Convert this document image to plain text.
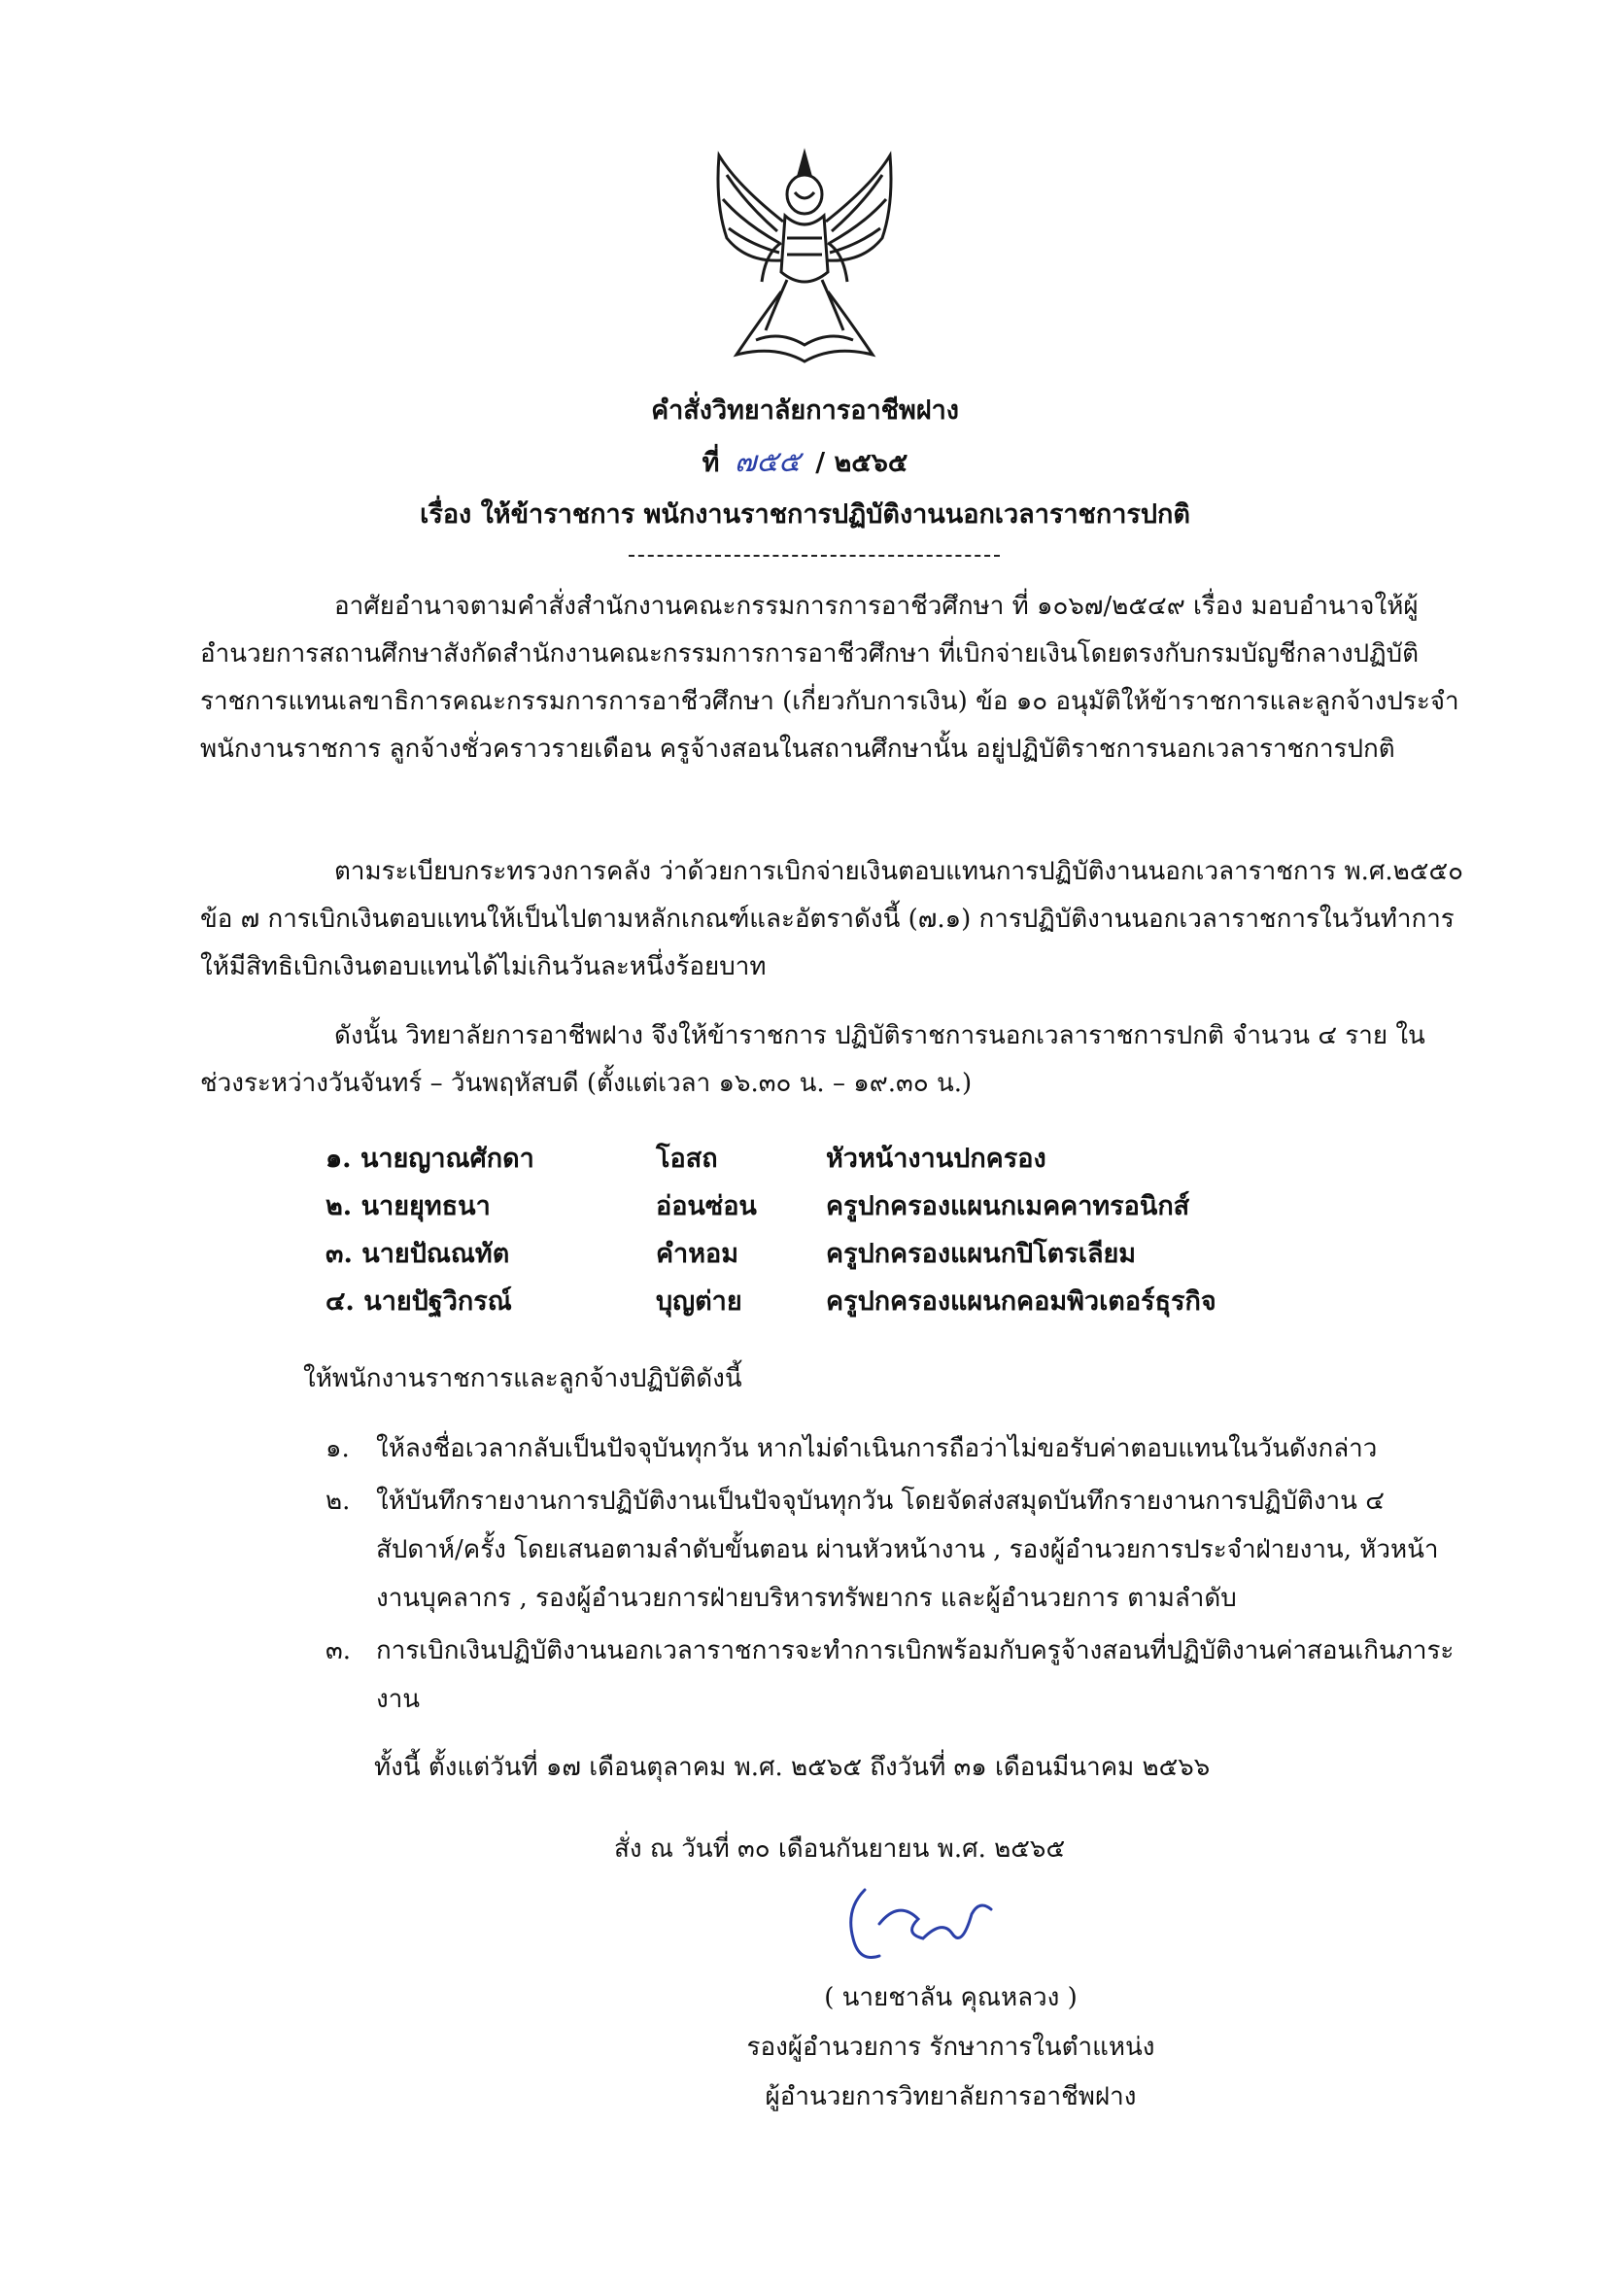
คำสั่งวิทยาลัยการอาชีพฝาง
ที่ ๗๕๕ / ๒๕๖๕
เรื่อง ให้ข้าราชการ พนักงานราชการปฏิบัติงานนอกเวลาราชการปกติ

อาศัยอำนาจตามคำสั่งสำนักงานคณะกรรมการการอาชีวศึกษา ที่ ๑๐๖๗/๒๕๔๙ เรื่อง มอบอำนาจให้ผู้อำนวยการสถานศึกษาสังกัดสำนักงานคณะกรรมการการอาชีวศึกษา ที่เบิกจ่ายเงินโดยตรงกับกรมบัญชีกลางปฏิบัติราชการแทนเลขาธิการคณะกรรมการการอาชีวศึกษา (เกี่ยวกับการเงิน) ข้อ ๑๐ อนุมัติให้ข้าราชการและลูกจ้างประจำ พนักงานราชการ ลูกจ้างชั่วคราวรายเดือน ครูจ้างสอนในสถานศึกษานั้น อยู่ปฏิบัติราชการนอกเวลาราชการปกติ

ตามระเบียบกระทรวงการคลัง ว่าด้วยการเบิกจ่ายเงินตอบแทนการปฏิบัติงานนอกเวลาราชการ พ.ศ.๒๕๕๐ ข้อ ๗ การเบิกเงินตอบแทนให้เป็นไปตามหลักเกณฑ์และอัตราดังนี้ (๗.๑) การปฏิบัติงานนอกเวลาราชการในวันทำการ ให้มีสิทธิเบิกเงินตอบแทนได้ไม่เกินวันละหนึ่งร้อยบาท

ดังนั้น วิทยาลัยการอาชีพฝาง จึงให้ข้าราชการ ปฏิบัติราชการนอกเวลาราชการปกติ จำนวน ๔ ราย ในช่วงระหว่างวันจันทร์ – วันพฤหัสบดี (ตั้งแต่เวลา ๑๖.๓๐ น. – ๑๙.๓๐ น.)

๑. นายญาณศักดา	โอสถ	หัวหน้างานปกครอง
๒. นายยุทธนา	อ่อนซ่อน	ครูปกครองแผนกเมคคาทรอนิกส์
๓. นายปัณณทัต	คำหอม	ครูปกครองแผนกปิโตรเลียม
๔. นายปัฐวิกรณ์	บุญต่าย	ครูปกครองแผนกคอมพิวเตอร์ธุรกิจ
ให้พนักงานราชการและลูกจ้างปฏิบัติดังนี้
๑. ให้ลงชื่อเวลากลับเป็นปัจจุบันทุกวัน หากไม่ดำเนินการถือว่าไม่ขอรับค่าตอบแทนในวันดังกล่าว
๒. ให้บันทึกรายงานการปฏิบัติงานเป็นปัจจุบันทุกวัน โดยจัดส่งสมุดบันทึกรายงานการปฏิบัติงาน ๔ สัปดาห์/ครั้ง โดยเสนอตามลำดับขั้นตอน ผ่านหัวหน้างาน , รองผู้อำนวยการประจำฝ่ายงาน, หัวหน้างานบุคลากร , รองผู้อำนวยการฝ่ายบริหารทรัพยากร และผู้อำนวยการ ตามลำดับ
๓. การเบิกเงินปฏิบัติงานนอกเวลาราชการจะทำการเบิกพร้อมกับครูจ้างสอนที่ปฏิบัติงานค่าสอนเกินภาระงาน
ทั้งนี้ ตั้งแต่วันที่ ๑๗ เดือนตุลาคม พ.ศ. ๒๕๖๕ ถึงวันที่ ๓๑ เดือนมีนาคม ๒๕๖๖
สั่ง ณ วันที่ ๓๐ เดือนกันยายน พ.ศ. ๒๕๖๕
( นายชาลัน คุณหลวง )
รองผู้อำนวยการ รักษาการในตำแหน่ง
ผู้อำนวยการวิทยาลัยการอาชีพฝาง
